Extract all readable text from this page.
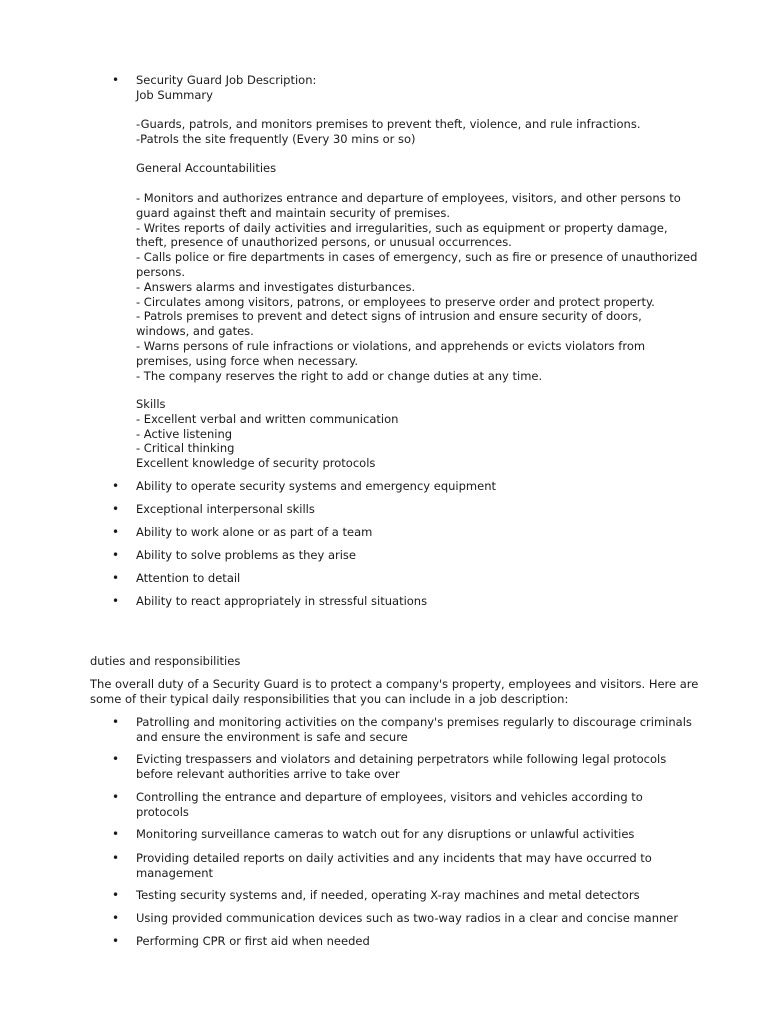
• Security Guard Job Description:
Job Summary
-Guards, patrols, and monitors premises to prevent theft, violence, and rule infractions.
-Patrols the site frequently (Every 30 mins or so)
General Accountabilities
- Monitors and authorizes entrance and departure of employees, visitors, and other persons to
guard against theft and maintain security of premises.
- Writes reports of daily activities and irregularities, such as equipment or property damage,
theft, presence of unauthorized persons, or unusual occurrences.
- Calls police or fire departments in cases of emergency, such as fire or presence of unauthorized
persons.
- Answers alarms and investigates disturbances.
- Circulates among visitors, patrons, or employees to preserve order and protect property.
- Patrols premises to prevent and detect signs of intrusion and ensure security of doors,
windows, and gates.
- Warns persons of rule infractions or violations, and apprehends or evicts violators from
premises, using force when necessary.
- The company reserves the right to add or change duties at any time.
Skills
- Excellent verbal and written communication
- Active listening
- Critical thinking
Excellent knowledge of security protocols
• Ability to operate security systems and emergency equipment
• Exceptional interpersonal skills
• Ability to work alone or as part of a team
• Ability to solve problems as they arise
• Attention to detail
• Ability to react appropriately in stressful situations
duties and responsibilities
The overall duty of a Security Guard is to protect a company's property, employees and visitors. Here are
some of their typical daily responsibilities that you can include in a job description:
• Patrolling and monitoring activities on the company's premises regularly to discourage criminals
and ensure the environment is safe and secure
• Evicting trespassers and violators and detaining perpetrators while following legal protocols
before relevant authorities arrive to take over
• Controlling the entrance and departure of employees, visitors and vehicles according to
protocols
• Monitoring surveillance cameras to watch out for any disruptions or unlawful activities
• Providing detailed reports on daily activities and any incidents that may have occurred to
management
• Testing security systems and, if needed, operating X-ray machines and metal detectors
• Using provided communication devices such as two-way radios in a clear and concise manner
• Performing CPR or first aid when needed
